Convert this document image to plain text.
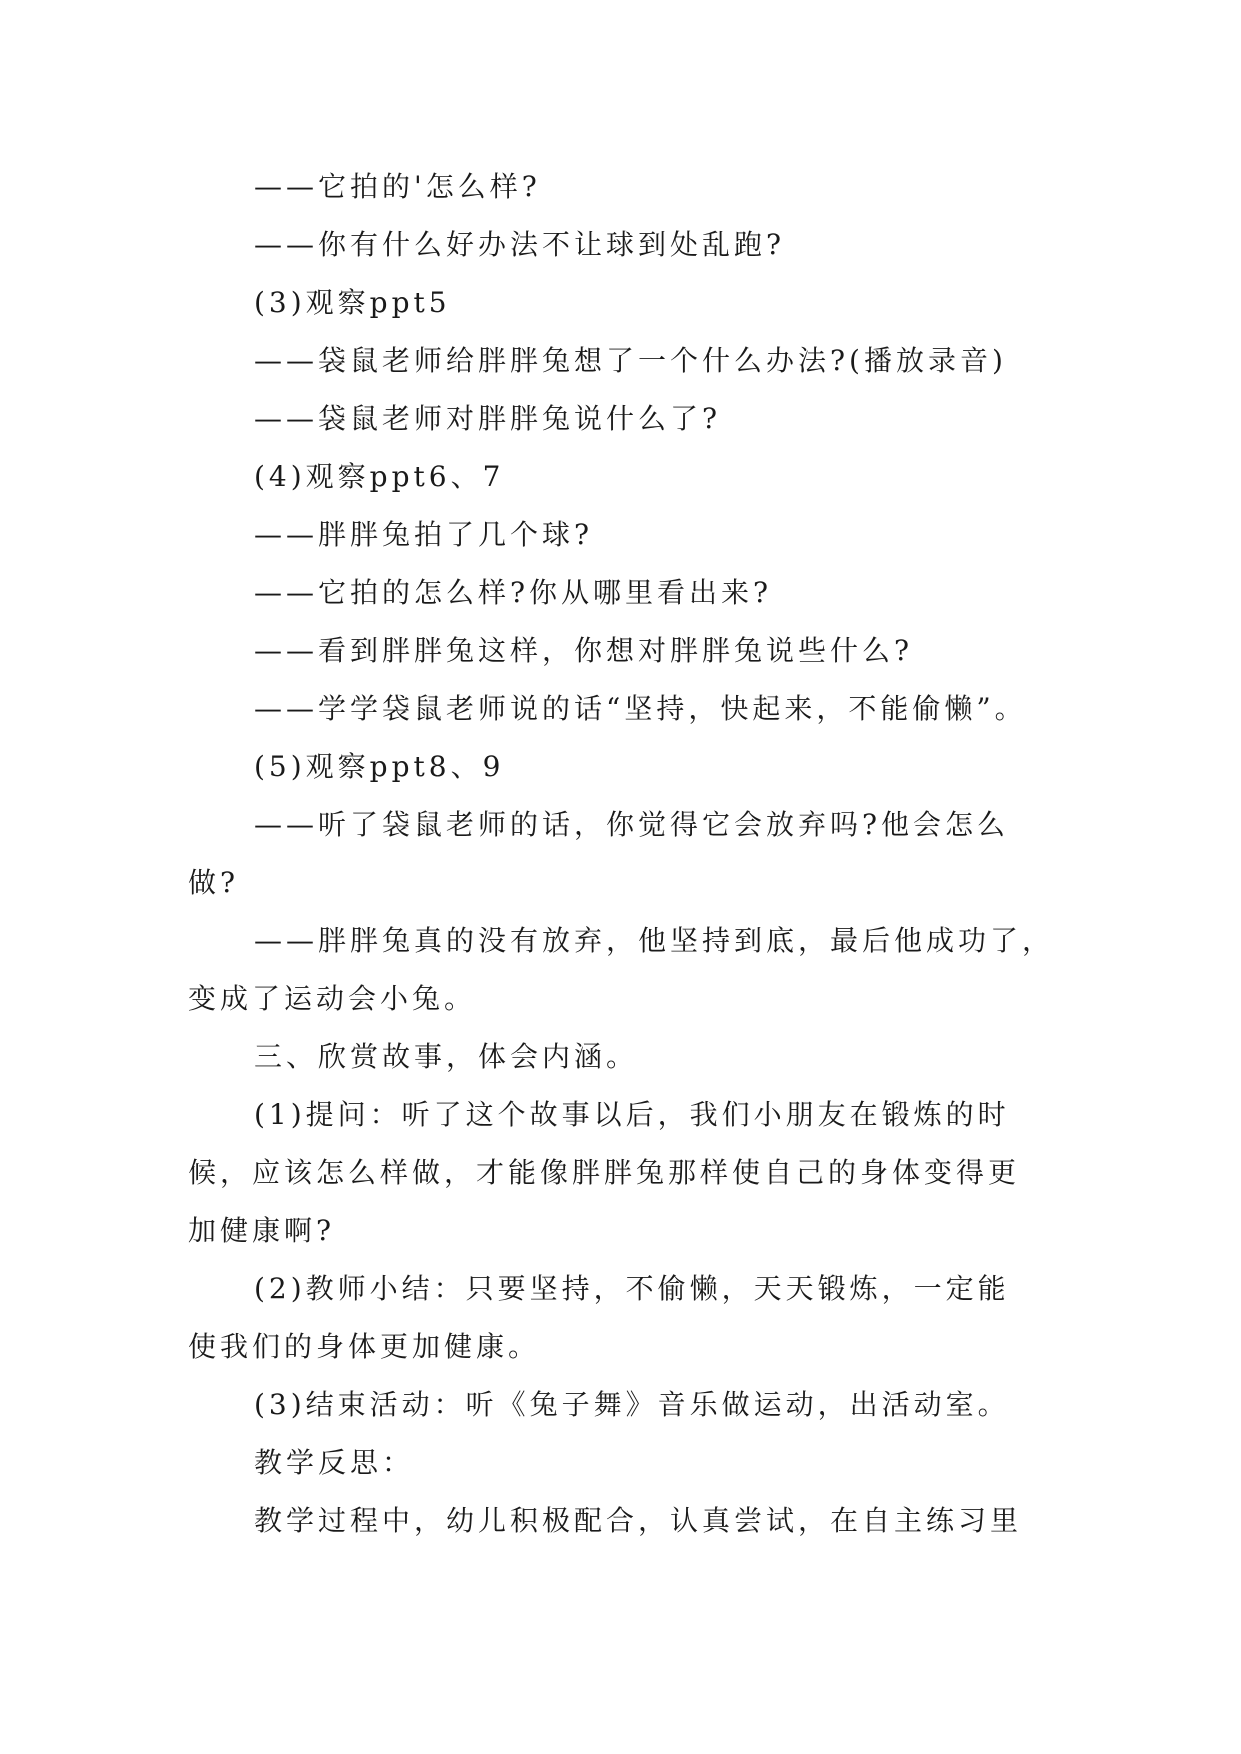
——它拍的'怎么样?
——你有什么好办法不让球到处乱跑?
(3)观察ppt5
——袋鼠老师给胖胖兔想了一个什么办法?(播放录音)
——袋鼠老师对胖胖兔说什么了?
(4)观察ppt6、7
——胖胖兔拍了几个球?
——它拍的怎么样?你从哪里看出来?
——看到胖胖兔这样，你想对胖胖兔说些什么?
——学学袋鼠老师说的话“坚持，快起来，不能偷懒”。
(5)观察ppt8、9
——听了袋鼠老师的话，你觉得它会放弃吗?他会怎么
做?
——胖胖兔真的没有放弃，他坚持到底，最后他成功了，
变成了运动会小兔。
三、欣赏故事，体会内涵。
(1)提问：听了这个故事以后，我们小朋友在锻炼的时
候，应该怎么样做，才能像胖胖兔那样使自己的身体变得更
加健康啊?
(2)教师小结：只要坚持，不偷懒，天天锻炼，一定能
使我们的身体更加健康。
(3)结束活动：听《兔子舞》音乐做运动，出活动室。
教学反思：
教学过程中，幼儿积极配合，认真尝试，在自主练习里
